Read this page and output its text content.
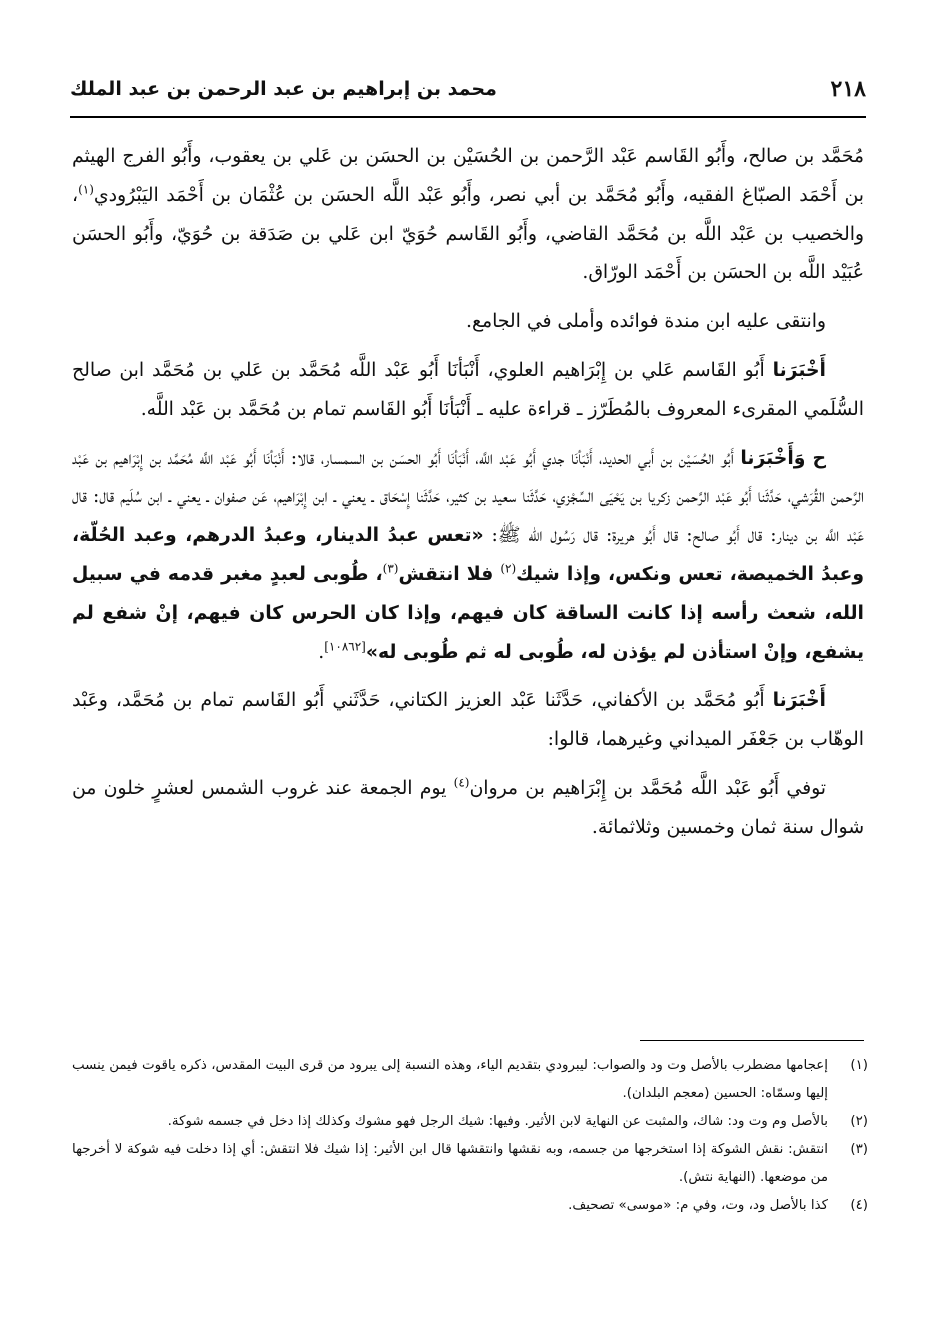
٢١٨
محمد بن إبراهيم بن عبد الرحمن بن عبد الملك

مُحَمَّد بن صالح، وأَبُو القَاسم عَبْد الرَّحمن بن الحُسَيْن بن الحسَن بن عَلي بن يعقوب، وأَبُو الفرج الهيثم بن أَحْمَد الصبّاغ الفقيه، وأَبُو مُحَمَّد بن أبي نصر، وأَبُو عَبْد اللَّه الحسَن بن عُثْمَان بن أَحْمَد اليَبْرُودي$^{(١)}$، والخصيب بن عَبْد اللَّه بن مُحَمَّد القاضي، وأَبُو القَاسم حُوَيّ ابن عَلي بن صَدَقة بن حُوَيّ، وأَبُو الحسَن عُبَيْد اللَّه بن الحسَن بن أَحْمَد الورّاق.

وانتقى عليه ابن مندة فوائده وأملى في الجامع.

أَخْبَرَنا أَبُو القَاسم عَلي بن إِبْرَاهيم العلوي، أَنْبَأنَا أَبُو عَبْد اللَّه مُحَمَّد بن عَلي بن مُحَمَّد ابن صالح السُّلَمي المقرىء المعروف بالمُطَرّز ـ قراءة عليه ـ أَنْبَأنَا أَبُو القَاسم تمام بن مُحَمَّد بن عَبْد اللَّه.

ح وَأَخْبَرَنا أَبُو الحُسَيْن بن أَبي الحديد، أَنْبَأنَا جدي أَبُو عَبْد اللَّه، أَنْبَأنَا أَبُو الحسَن بن السمسار، قالا: أَنْبَأنَا أَبُو عَبْد اللَّه مُحَمَّد بن إِبْرَاهيم بن عَبْد الرَّحمن القُرَشي، حَدَّثَنا أَبُو عَبْد الرَّحمن زكريا بن يَحْيَى السِّجْزي، حَدَّثَنا سعيد بن كثير، حَدَّثَنا إِسْحَاق ـ يعني ـ ابن إِبْرَاهيم، عَن صفوان ـ يعني ـ ابن سُلَيم قال: قال عَبْد اللَّه بن دينار: قال أَبُو صالح: قال أَبُو هريرة: قال رَسُول الله ﷺ: «تعس عبدُ الدينار، وعبدُ الدرهم، وعبد الحُلّة، وعبدُ الخميصة، تعس ونكس، وإذا شيك$^{(٢)}$ فلا انتقش$^{(٣)}$، طُوبى لعبدٍ مغبر قدمه في سبيل الله، شعث رأسه إذا كانت الساقة كان فيهم، وإذا كان الحرس كان فيهم، إنْ شفع لم يشفع، وإنْ استأذن لم يؤذن له، طُوبى له ثم طُوبى له»[١٠٨٦٢].

أَخْبَرَنا أَبُو مُحَمَّد بن الأكفاني، حَدَّثَنا عَبْد العزيز الكتاني، حَدَّثَني أَبُو القَاسم تمام بن مُحَمَّد، وعَبْد الوهّاب بن جَعْفَر الميداني وغيرهما، قالوا:

توفي أَبُو عَبْد اللَّه مُحَمَّد بن إِبْرَاهيم بن مروان$^{(٤)}$ يوم الجمعة عند غروب الشمس لعشرٍ خلون من شوال سنة ثمان وخمسين وثلاثمائة.

(١)
إعجامها مضطرب بالأصل وت ود والصواب: ليبرودي بتقديم الياء، وهذه النسبة إلى يبرود من قرى البيت المقدس، ذكره ياقوت فيمن ينسب إليها وسمّاه: الحسين (معجم البلدان).
(٢)
بالأصل وم وت ود: شاك، والمثبت عن النهاية لابن الأثير. وفيها: شيك الرجل فهو مشوك وكذلك إذا دخل في جسمه شوكة.
(٣)
انتقش: نقش الشوكة إذا استخرجها من جسمه، وبه نقشها وانتقشها قال ابن الأثير: إذا شيك فلا انتقش: أي إذا دخلت فيه شوكة لا أخرجها من موضعها. (النهاية نتش).
(٤)
كذا بالأصل ود، وت، وفي م: «موسى» تصحيف.
